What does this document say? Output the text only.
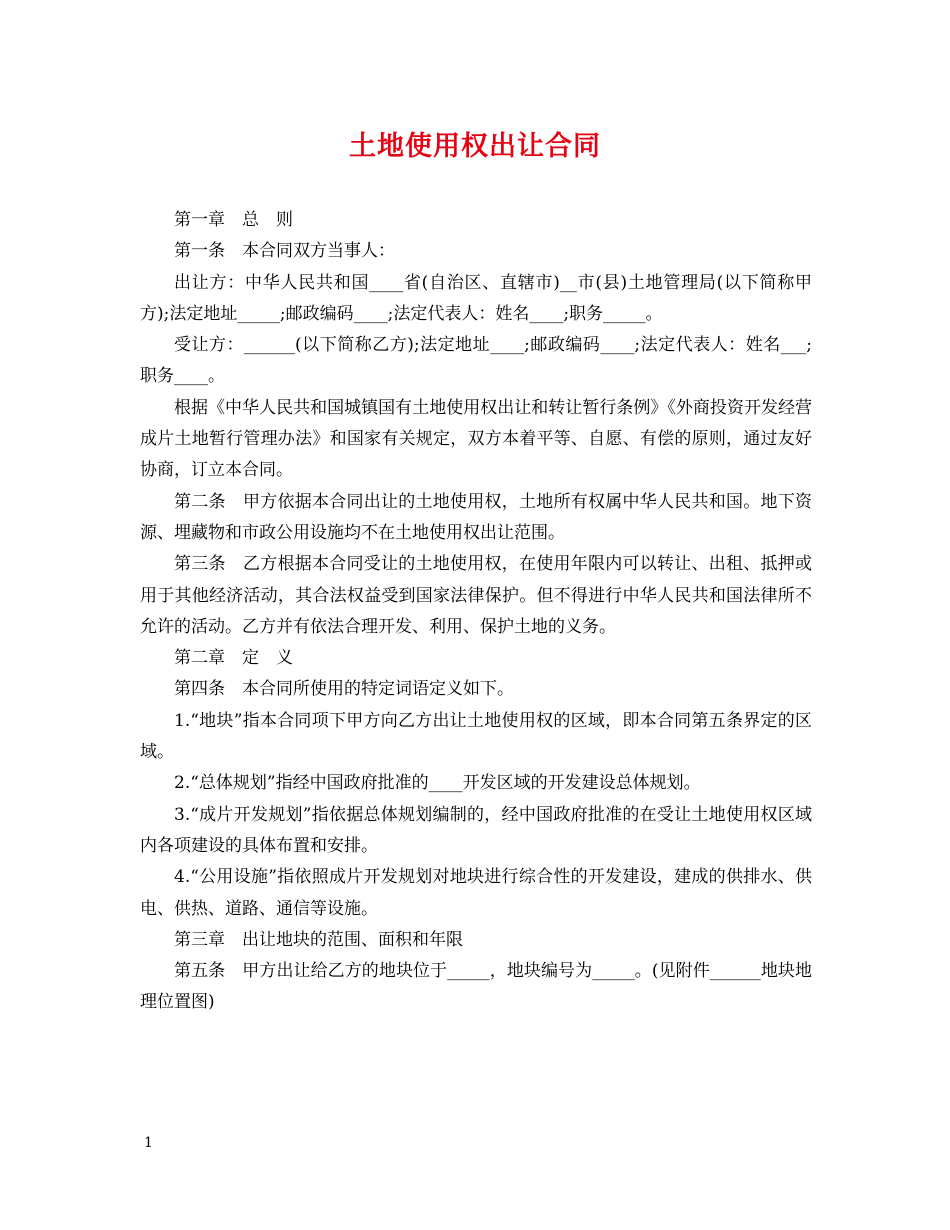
土地使用权出让合同

第一章　总　则

第一条　本合同双方当事人：

出让方：中华人民共和国____省(自治区、直辖市)__市(县)土地管理局(以下简称甲方);法定地址_____;邮政编码____;法定代表人：姓名____;职务_____。

受让方：______(以下简称乙方);法定地址____;邮政编码____;法定代表人：姓名___;职务____。

根据《中华人民共和国城镇国有土地使用权出让和转让暂行条例》《外商投资开发经营成片土地暂行管理办法》和国家有关规定，双方本着平等、自愿、有偿的原则，通过友好协商，订立本合同。

第二条　甲方依据本合同出让的土地使用权，土地所有权属中华人民共和国。地下资源、埋藏物和市政公用设施均不在土地使用权出让范围。

第三条　乙方根据本合同受让的土地使用权，在使用年限内可以转让、出租、抵押或用于其他经济活动，其合法权益受到国家法律保护。但不得进行中华人民共和国法律所不允许的活动。乙方并有依法合理开发、利用、保护土地的义务。

第二章　定　义

第四条　本合同所使用的特定词语定义如下。

1.“地块”指本合同项下甲方向乙方出让土地使用权的区域，即本合同第五条界定的区域。

2.“总体规划”指经中国政府批准的____开发区域的开发建设总体规划。

3.“成片开发规划”指依据总体规划编制的，经中国政府批准的在受让土地使用权区域内各项建设的具体布置和安排。

4.“公用设施”指依照成片开发规划对地块进行综合性的开发建设，建成的供排水、供电、供热、道路、通信等设施。

第三章　出让地块的范围、面积和年限

第五条　甲方出让给乙方的地块位于_____，地块编号为_____。(见附件______地块地理位置图)

1
